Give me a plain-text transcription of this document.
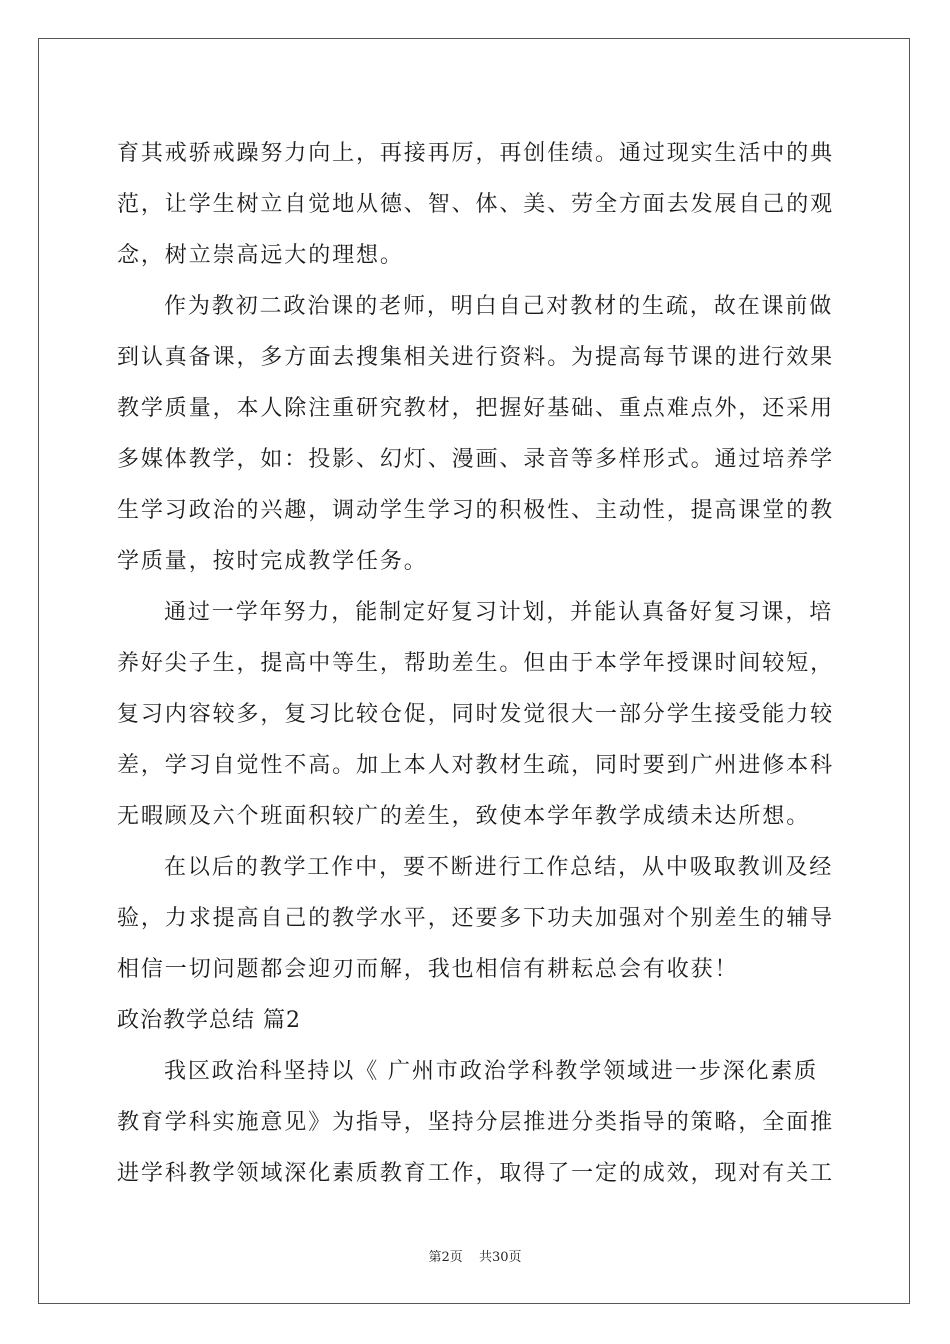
育其戒骄戒躁努力向上，再接再厉，再创佳绩。通过现实生活中的典
范，让学生树立自觉地从德、智、体、美、劳全方面去发展自己的观
念，树立崇高远大的理想。
作为教初二政治课的老师，明白自己对教材的生疏，故在课前做
到认真备课，多方面去搜集相关进行资料。为提高每节课的进行效果
教学质量，本人除注重研究教材，把握好基础、重点难点外，还采用
多媒体教学，如：投影、幻灯、漫画、录音等多样形式。通过培养学
生学习政治的兴趣，调动学生学习的积极性、主动性，提高课堂的教
学质量，按时完成教学任务。
通过一学年努力，能制定好复习计划，并能认真备好复习课，培
养好尖子生，提高中等生，帮助差生。但由于本学年授课时间较短，
复习内容较多，复习比较仓促，同时发觉很大一部分学生接受能力较
差，学习自觉性不高。加上本人对教材生疏，同时要到广州进修本科
无暇顾及六个班面积较广的差生，致使本学年教学成绩未达所想。
在以后的教学工作中，要不断进行工作总结，从中吸取教训及经
验，力求提高自己的教学水平，还要多下功夫加强对个别差生的辅导
相信一切问题都会迎刃而解，我也相信有耕耘总会有收获！
政治教学总结 篇2
我区政治科坚持以《 广州市政治学科教学领域进一步深化素质
教育学科实施意见》为指导，坚持分层推进分类指导的策略，全面推
进学科教学领域深化素质教育工作，取得了一定的成效，现对有关工
第2页 共30页
